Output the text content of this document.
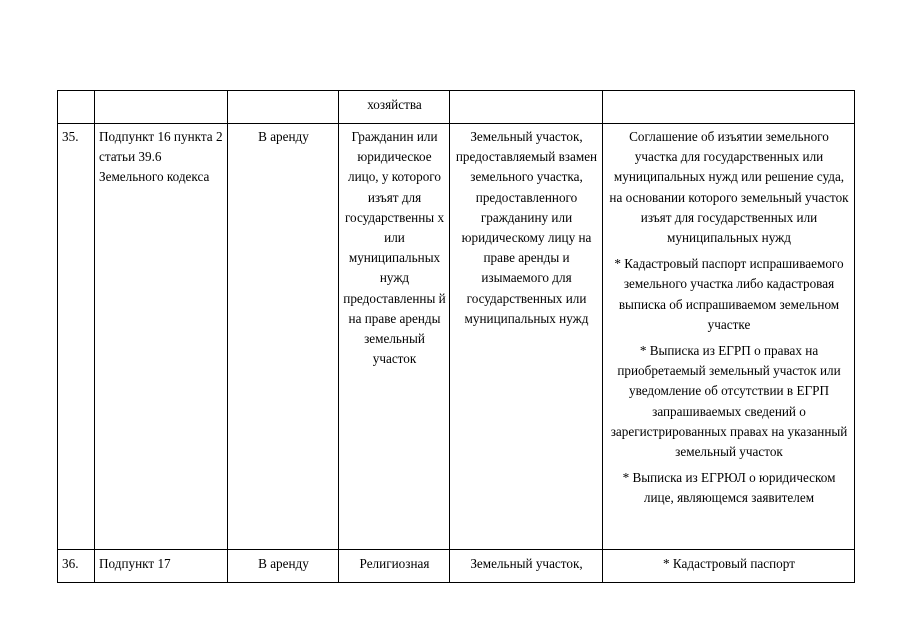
			хозяйства		
35.	Подпункт 16 пункта 2 статьи 39.6 Земельного кодекса	В аренду	Гражданин или юридическое лицо, у которого изъят для государственны х или муниципальных нужд предоставленны й на праве аренды земельный участок	Земельный участок, предоставляемый взамен земельного участка, предоставленного гражданину или юридическому лицу на праве аренды и изымаемого для государственных или муниципальных нужд	Соглашение об изъятии земельного участка для государственных или муниципальных нужд или решение суда, на основании которого земельный участок изъят для государственных или муниципальных нужд
* Кадастровый паспорт испрашиваемого земельного участка либо кадастровая выписка об испрашиваемом земельном участке
* Выписка из ЕГРП о правах на приобретаемый земельный участок или уведомление об отсутствии в ЕГРП запрашиваемых сведений о зарегистрированных правах на указанный земельный участок
* Выписка из ЕГРЮЛ о юридическом лице, являющемся заявителем

36.	Подпункт 17	В аренду	Религиозная	Земельный участок,	* Кадастровый паспорт
